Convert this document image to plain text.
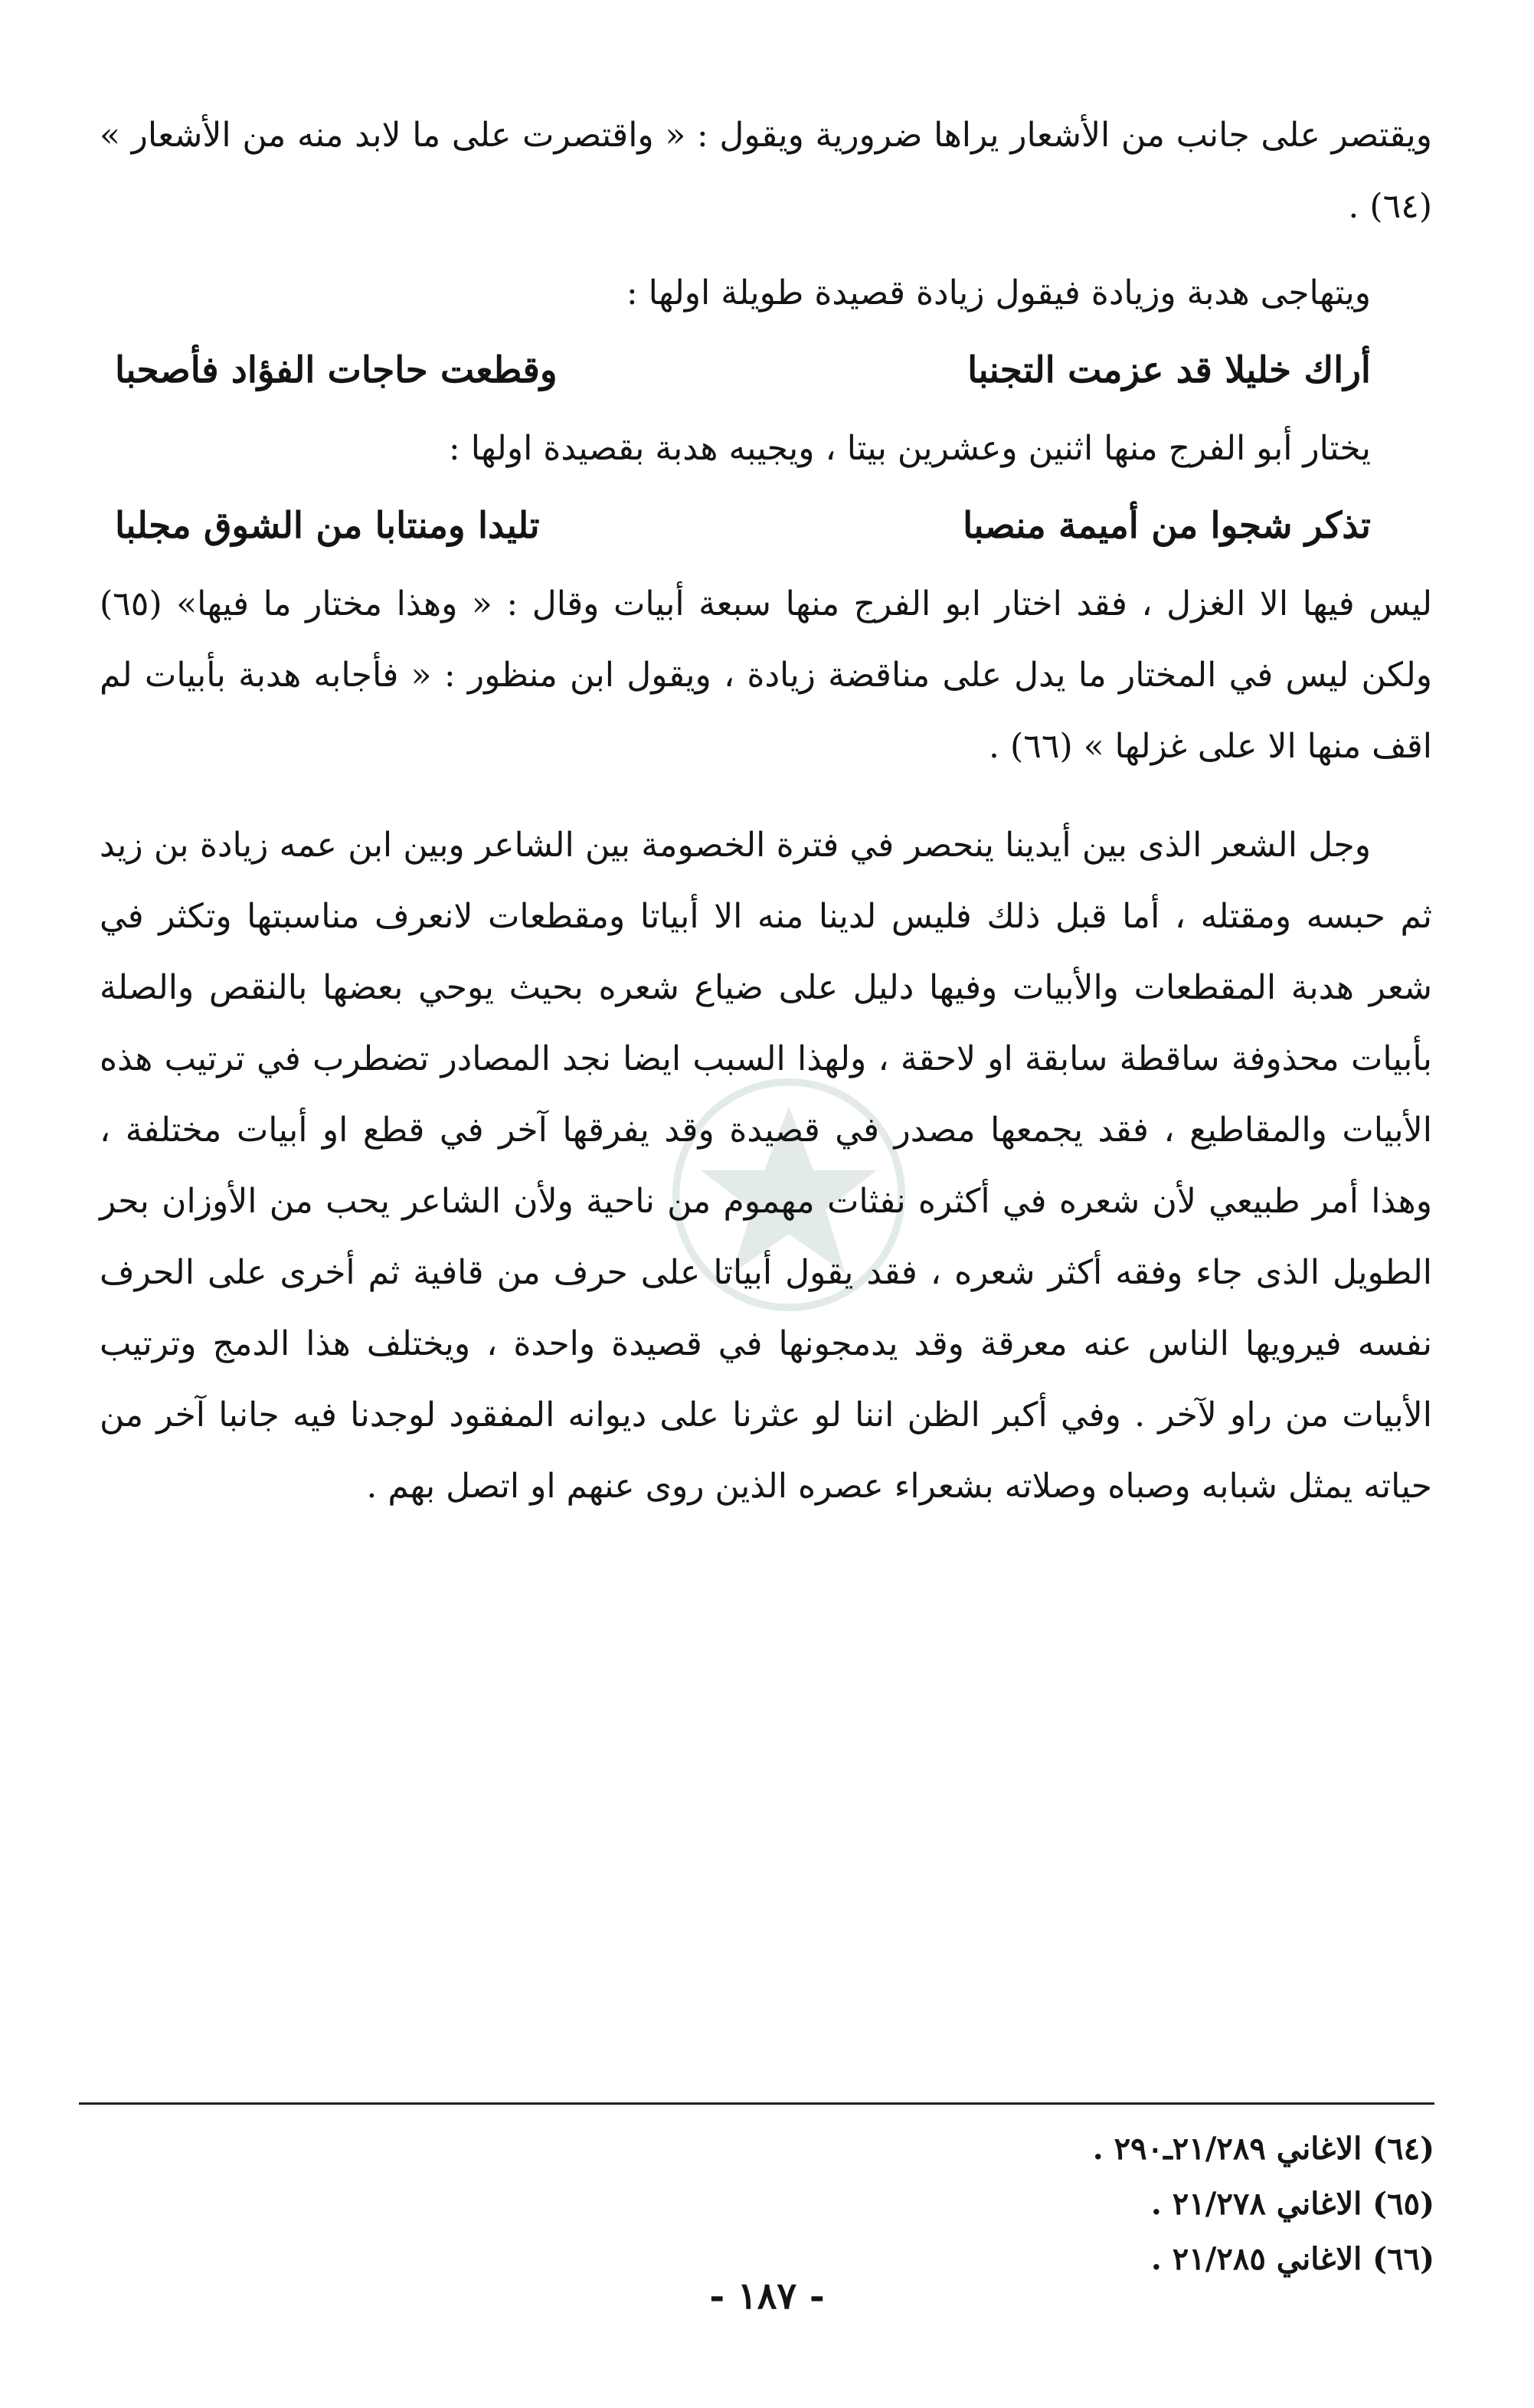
ويقتصر على جانب من الأشعار يراها ضرورية ويقول : « واقتصرت على ما لابد منه من الأشعار » (٦٤) .

ويتهاجى هدبة وزيادة فيقول زيادة قصيدة طويلة اولها :

أراك خليلا قد عزمت التجنبا
وقطعت حاجات الفؤاد فأصحبا

يختار أبو الفرج منها اثنين وعشرين بيتا ، ويجيبه هدبة بقصيدة اولها :

تذكر شجوا من أميمة منصبا
تليدا ومنتابا من الشوق مجلبا

ليس فيها الا الغزل ، فقد اختار ابو الفرج منها سبعة أبيات وقال : « وهذا مختار ما فيها» (٦٥) ولكن ليس في المختار ما يدل على مناقضة زيادة ، ويقول ابن منظور : « فأجابه هدبة بأبيات لم اقف منها الا على غزلها » (٦٦) .

وجل الشعر الذى بين أيدينا ينحصر في فترة الخصومة بين الشاعر وبين ابن عمه زيادة بن زيد ثم حبسه ومقتله ، أما قبل ذلك فليس لدينا منه الا أبياتا ومقطعات لانعرف مناسبتها وتكثر في شعر هدبة المقطعات والأبيات وفيها دليل على ضياع شعره بحيث يوحي بعضها بالنقص والصلة بأبيات محذوفة ساقطة سابقة او لاحقة ، ولهذا السبب ايضا نجد المصادر تضطرب في ترتيب هذه الأبيات والمقاطيع ، فقد يجمعها مصدر في قصيدة وقد يفرقها آخر في قطع او أبيات مختلفة ، وهذا أمر طبيعي لأن شعره في أكثره نفثات مهموم من ناحية ولأن الشاعر يحب من الأوزان بحر الطويل الذى جاء وفقه أكثر شعره ، فقد يقول أبياتا على حرف من قافية ثم أخرى على الحرف نفسه فيرويها الناس عنه معرقة وقد يدمجونها في قصيدة واحدة ، ويختلف هذا الدمج وترتيب الأبيات من راو لآخر . وفي أكبر الظن اننا لو عثرنا على ديوانه المفقود لوجدنا فيه جانبا آخر من حياته يمثل شبابه وصباه وصلاته بشعراء عصره الذين روى عنهم او اتصل بهم .

(٦٤) الاغاني ٢١/٢٨٩ـ٢٩٠ .

(٦٥) الاغاني ٢١/٢٧٨ .

(٦٦) الاغاني ٢١/٢٨٥ .

- ١٨٧ -
